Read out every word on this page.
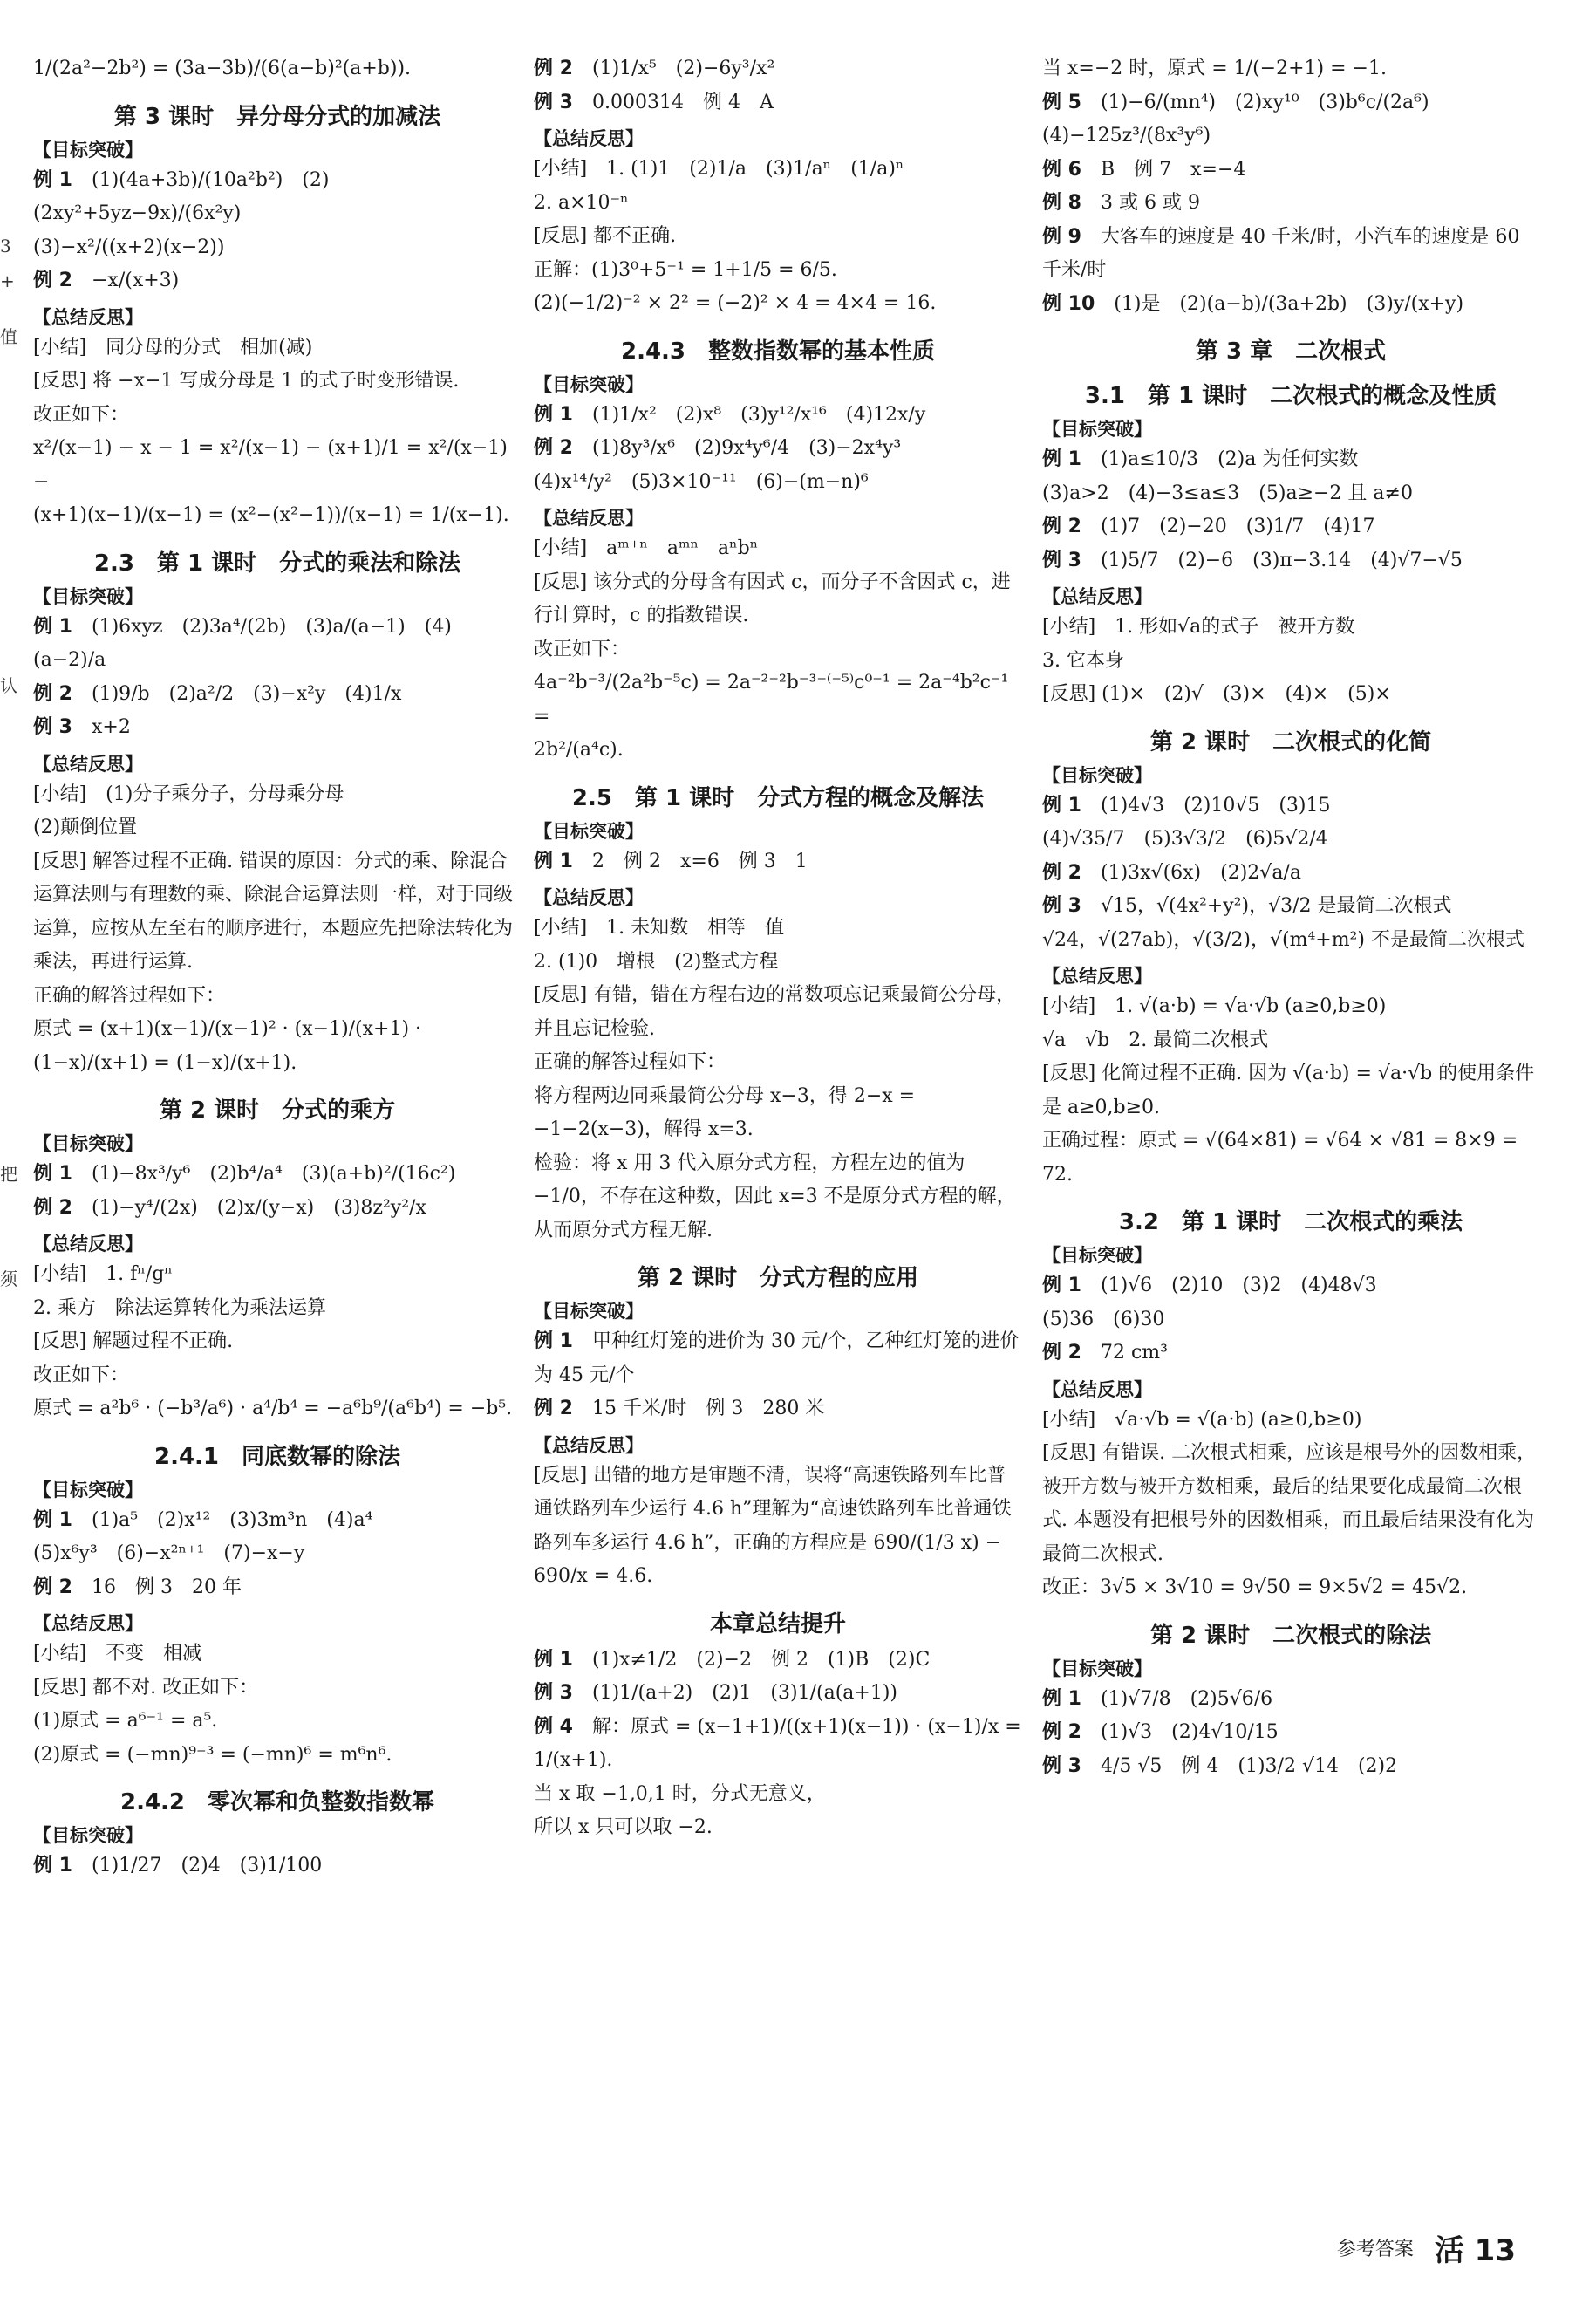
3
+
值
认
把
须
1/(2a²−2b²) = (3a−3b)/(6(a−b)²(a+b)).
第 3 课时　异分母分式的加减法
【目标突破】
例 1　 (1)(4a+3b)/(10a²b²)　(2)(2xy²+5yz−9x)/(6x²y)
(3)−x²/((x+2)(x−2))
例 2　 −x/(x+3)
【总结反思】
[小结]　同分母的分式　相加(减)
[反思] 将 −x−1 写成分母是 1 的式子时变形错误.
改正如下：
x²/(x−1) − x − 1 = x²/(x−1) − (x+1)/1 = x²/(x−1) −
(x+1)(x−1)/(x−1) = (x²−(x²−1))/(x−1) = 1/(x−1).
2.3　第 1 课时　分式的乘法和除法
【目标突破】
例 1　 (1)6xyz　(2)3a⁴/(2b)　(3)a/(a−1)　(4)(a−2)/a
例 2　 (1)9/b　(2)a²/2　(3)−x²y　(4)1/x
例 3　 x+2
【总结反思】
[小结]　(1)分子乘分子，分母乘分母
(2)颠倒位置
[反思] 解答过程不正确. 错误的原因：分式的乘、除混合运算法则与有理数的乘、除混合运算法则一样，对于同级运算，应按从左至右的顺序进行，本题应先把除法转化为乘法，再进行运算.
正确的解答过程如下：
原式 = (x+1)(x−1)/(x−1)² · (x−1)/(x+1) · (1−x)/(x+1) = (1−x)/(x+1).
第 2 课时　分式的乘方
【目标突破】
例 1　 (1)−8x³/y⁶　(2)b⁴/a⁴　(3)(a+b)²/(16c²)
例 2　 (1)−y⁴/(2x)　(2)x/(y−x)　(3)8z²y²/x
【总结反思】
[小结]　1. fⁿ/gⁿ
2. 乘方　除法运算转化为乘法运算
[反思] 解题过程不正确.
改正如下：
原式 = a²b⁶ · (−b³/a⁶) · a⁴/b⁴ = −a⁶b⁹/(a⁶b⁴) = −b⁵.
2.4.1　同底数幂的除法
【目标突破】
例 1　 (1)a⁵　(2)x¹²　(3)3m³n　(4)a⁴
(5)x⁶y³　(6)−x²ⁿ⁺¹　(7)−x−y
例 2　 16　例 3　20 年
【总结反思】
[小结]　不变　相减
[反思] 都不对. 改正如下：
(1)原式 = a⁶⁻¹ = a⁵.
(2)原式 = (−mn)⁹⁻³ = (−mn)⁶ = m⁶n⁶.
2.4.2　零次幂和负整数指数幂
【目标突破】
例 1　 (1)1/27　(2)4　(3)1/100
例 2　 (1)1/x⁵　(2)−6y³/x²
例 3　 0.000314　例 4　A
【总结反思】
[小结]　1. (1)1　(2)1/a　(3)1/aⁿ　(1/a)ⁿ
2. a×10⁻ⁿ
[反思] 都不正确.
正解：(1)3⁰+5⁻¹ = 1+1/5 = 6/5.
(2)(−1/2)⁻² × 2² = (−2)² × 4 = 4×4 = 16.
2.4.3　整数指数幂的基本性质
【目标突破】
例 1　 (1)1/x²　(2)x⁸　(3)y¹²/x¹⁶　(4)12x/y
例 2　 (1)8y³/x⁶　(2)9x⁴y⁶/4　(3)−2x⁴y³
(4)x¹⁴/y²　(5)3×10⁻¹¹　(6)−(m−n)⁶
【总结反思】
[小结]　aᵐ⁺ⁿ　aᵐⁿ　aⁿbⁿ
[反思] 该分式的分母含有因式 c，而分子不含因式 c，进行计算时，c 的指数错误.
改正如下：
4a⁻²b⁻³/(2a²b⁻⁵c) = 2a⁻²⁻²b⁻³⁻⁽⁻⁵⁾c⁰⁻¹ = 2a⁻⁴b²c⁻¹ =
2b²/(a⁴c).
2.5　第 1 课时　分式方程的概念及解法
【目标突破】
例 1　 2　例 2　x=6　例 3　1
【总结反思】
[小结]　1. 未知数　相等　值
2. (1)0　增根　(2)整式方程
[反思] 有错，错在方程右边的常数项忘记乘最简公分母，并且忘记检验.
正确的解答过程如下：
将方程两边同乘最简公分母 x−3，得 2−x = −1−2(x−3)，解得 x=3.
检验：将 x 用 3 代入原分式方程，方程左边的值为 −1/0，不存在这种数，因此 x=3 不是原分式方程的解，从而原分式方程无解.
第 2 课时　分式方程的应用
【目标突破】
例 1　 甲种红灯笼的进价为 30 元/个，乙种红灯笼的进价为 45 元/个
例 2　 15 千米/时　例 3　280 米
【总结反思】
[反思] 出错的地方是审题不清，误将“高速铁路列车比普通铁路列车少运行 4.6 h”理解为“高速铁路列车比普通铁路列车多运行 4.6 h”，正确的方程应是 690/(1/3 x) − 690/x = 4.6.
本章总结提升
例 1　 (1)x≠1/2　(2)−2　例 2　(1)B　(2)C
例 3　 (1)1/(a+2)　(2)1　(3)1/(a(a+1))
例 4　 解：原式 = (x−1+1)/((x+1)(x−1)) · (x−1)/x = 1/(x+1).
当 x 取 −1,0,1 时，分式无意义，
所以 x 只可以取 −2.
当 x=−2 时，原式 = 1/(−2+1) = −1.
例 5　 (1)−6/(mn⁴)　(2)xy¹⁰　(3)b⁶c/(2a⁶)　(4)−125z³/(8x³y⁶)
例 6　 B　例 7　x=−4
例 8　 3 或 6 或 9
例 9　 大客车的速度是 40 千米/时，小汽车的速度是 60 千米/时
例 10　 (1)是　(2)(a−b)/(3a+2b)　(3)y/(x+y)
第 3 章　二次根式
3.1　第 1 课时　二次根式的概念及性质
【目标突破】
例 1　 (1)a≤10/3　(2)a 为任何实数
(3)a>2　(4)−3≤a≤3　(5)a≥−2 且 a≠0
例 2　 (1)7　(2)−20　(3)1/7　(4)17
例 3　 (1)5/7　(2)−6　(3)π−3.14　(4)√7−√5
【总结反思】
[小结]　1. 形如√a的式子　被开方数
3. 它本身
[反思] (1)×　(2)√　(3)×　(4)×　(5)×
第 2 课时　二次根式的化简
【目标突破】
例 1　 (1)4√3　(2)10√5　(3)15
(4)√35/7　(5)3√3/2　(6)5√2/4
例 2　 (1)3x√(6x)　(2)2√a/a
例 3　 √15，√(4x²+y²)，√3/2 是最简二次根式
√24，√(27ab)，√(3/2)，√(m⁴+m²) 不是最简二次根式
【总结反思】
[小结]　1. √(a·b) = √a·√b (a≥0,b≥0)
√a　√b　2. 最简二次根式
[反思] 化简过程不正确. 因为 √(a·b) = √a·√b 的使用条件是 a≥0,b≥0.
正确过程：原式 = √(64×81) = √64 × √81 = 8×9 = 72.
3.2　第 1 课时　二次根式的乘法
【目标突破】
例 1　 (1)√6　(2)10　(3)2　(4)48√3
(5)36　(6)30
例 2　 72 cm³
【总结反思】
[小结]　√a·√b = √(a·b) (a≥0,b≥0)
[反思] 有错误. 二次根式相乘，应该是根号外的因数相乘，被开方数与被开方数相乘，最后的结果要化成最简二次根式. 本题没有把根号外的因数相乘，而且最后结果没有化为最简二次根式.
改正：3√5 × 3√10 = 9√50 = 9×5√2 = 45√2.
第 2 课时　二次根式的除法
【目标突破】
例 1　 (1)√7/8　(2)5√6/6
例 2　 (1)√3　(2)4√10/15
例 3　 4/5 √5　例 4　(1)3/2 √14　(2)2
参考答案 活 13
